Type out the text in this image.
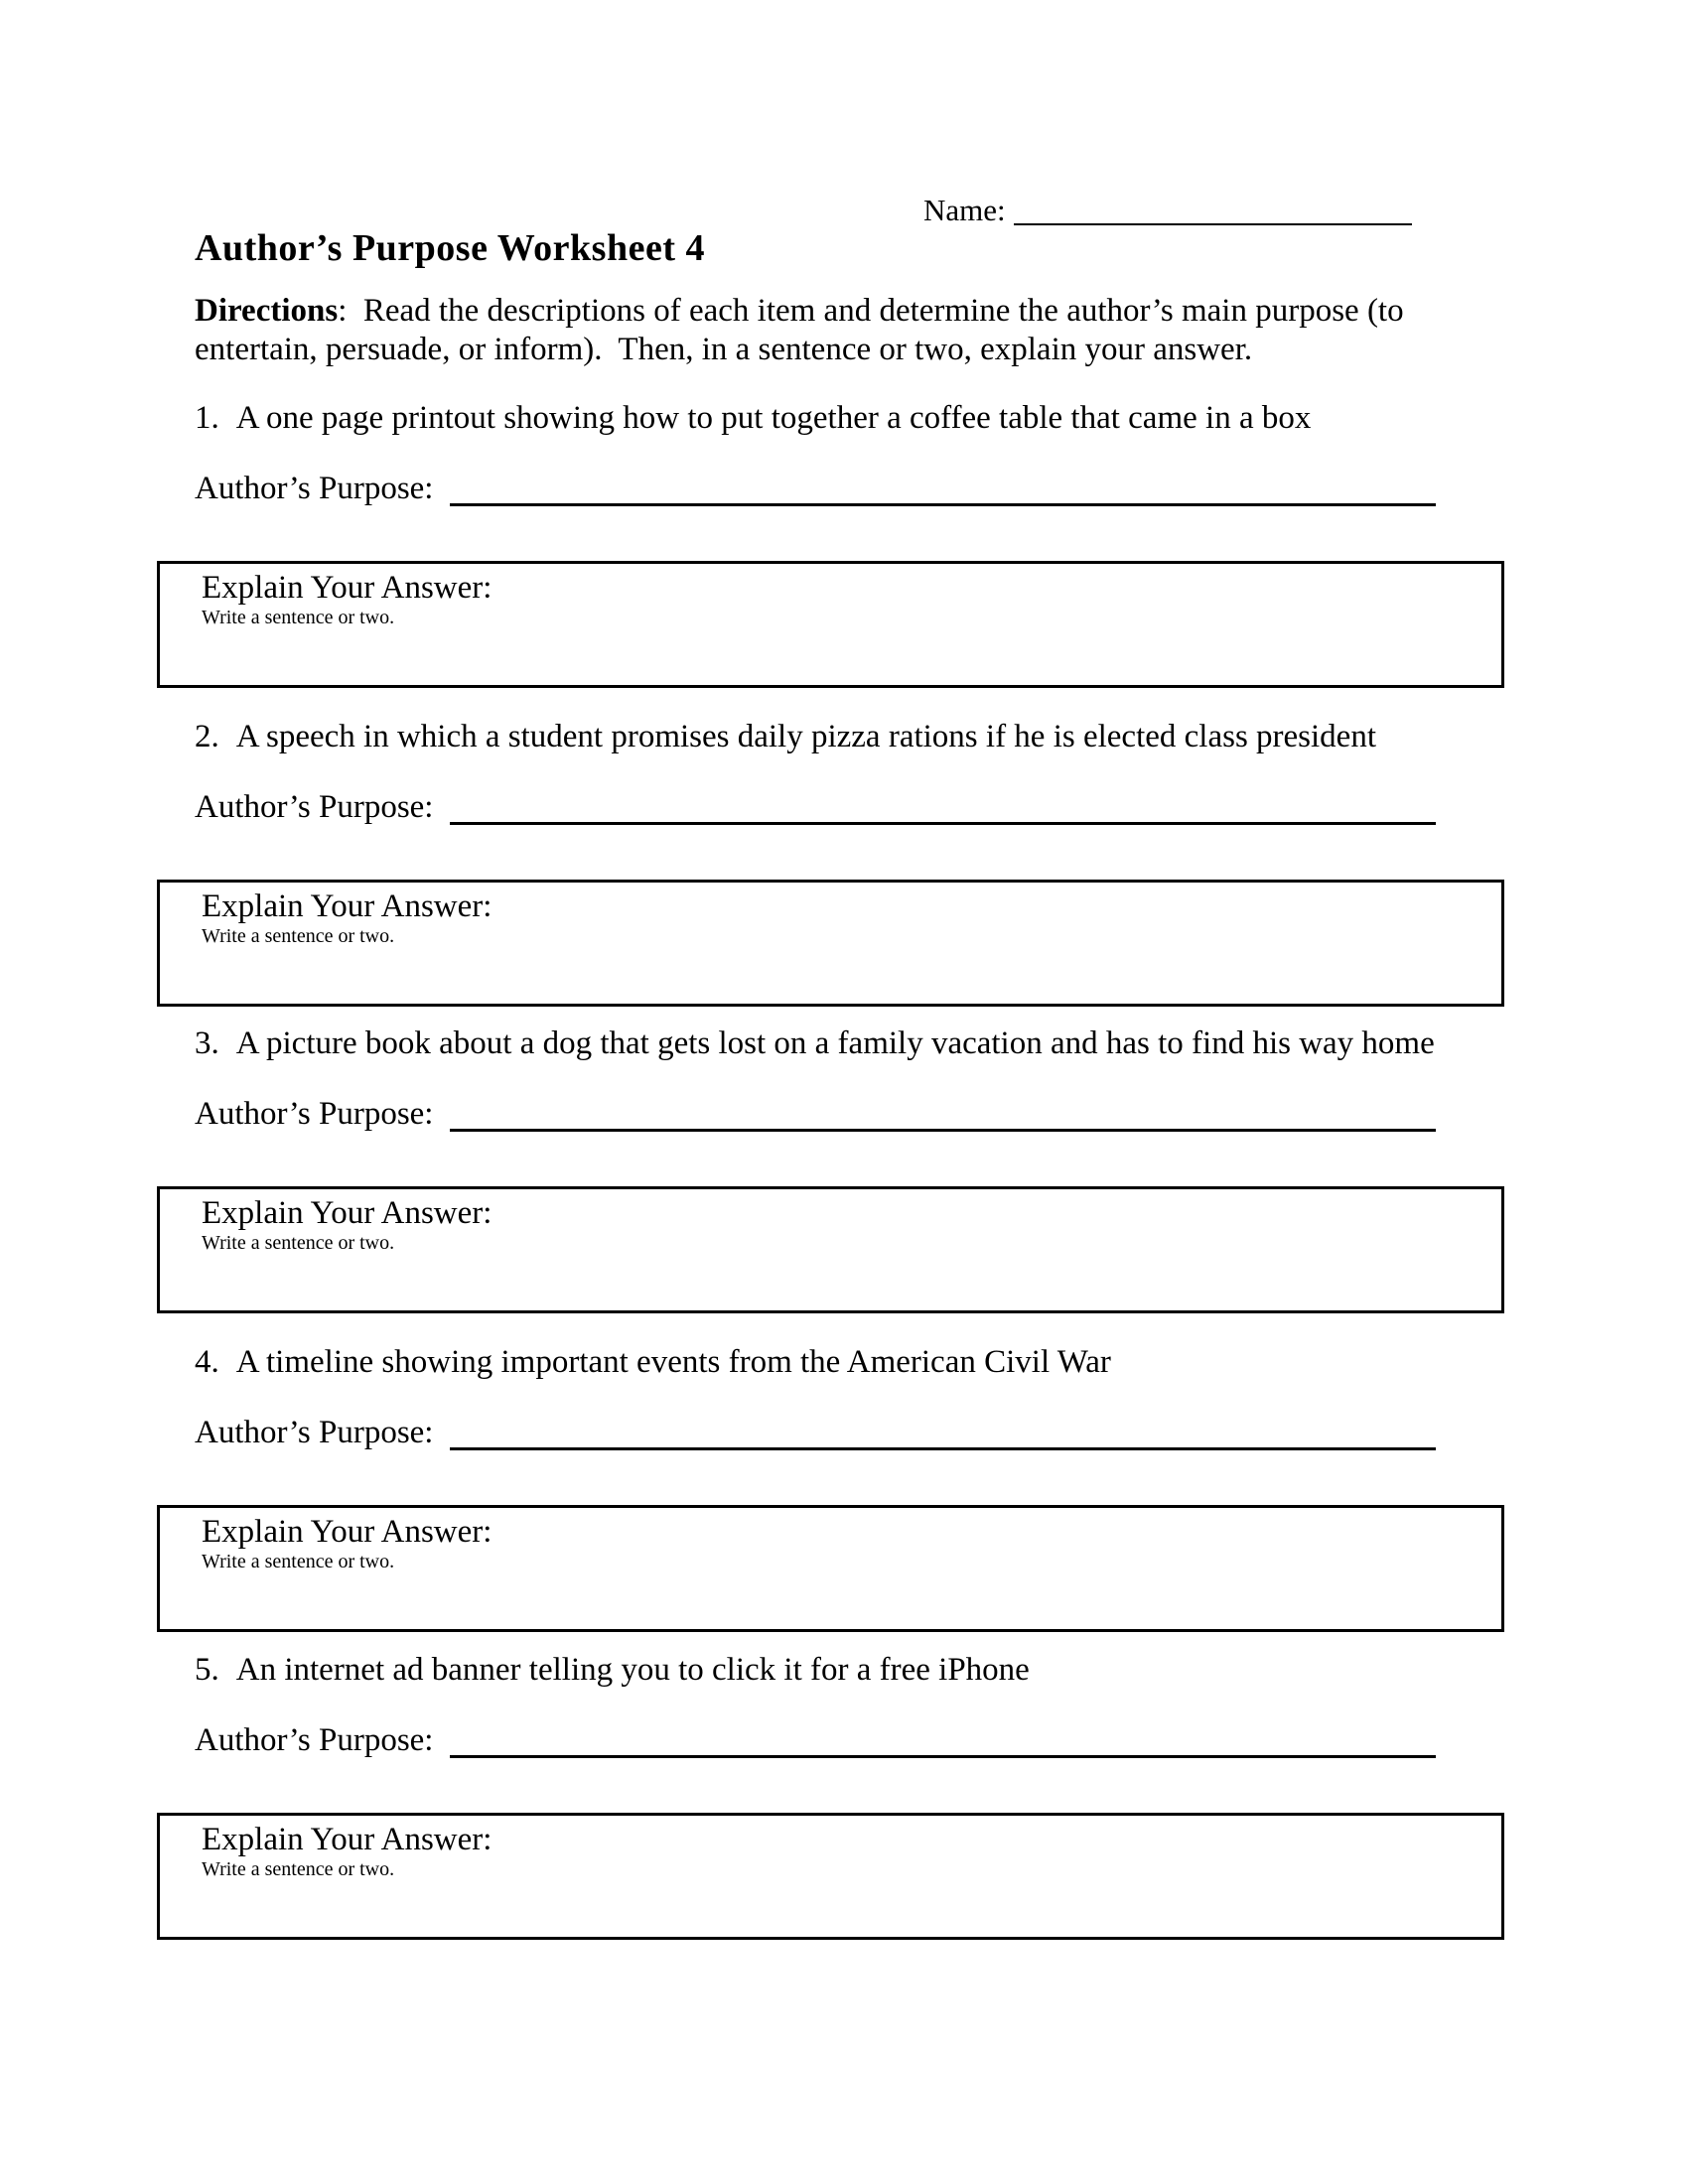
Name:
Author’s Purpose Worksheet 4

Directions:  Read the descriptions of each item and determine the author’s main purpose (to entertain, persuade, or inform).  Then, in a sentence or two, explain your answer.

1. A one page printout showing how to put together a coffee table that came in a box

Author’s Purpose:
Explain Your Answer:
Write a sentence or two.

2. A speech in which a student promises daily pizza rations if he is elected class president

Author’s Purpose:
Explain Your Answer:
Write a sentence or two.

3. A picture book about a dog that gets lost on a family vacation and has to find his way home

Author’s Purpose:
Explain Your Answer:
Write a sentence or two.

4. A timeline showing important events from the American Civil War

Author’s Purpose:
Explain Your Answer:
Write a sentence or two.

5. An internet ad banner telling you to click it for a free iPhone

Author’s Purpose:
Explain Your Answer:
Write a sentence or two.
